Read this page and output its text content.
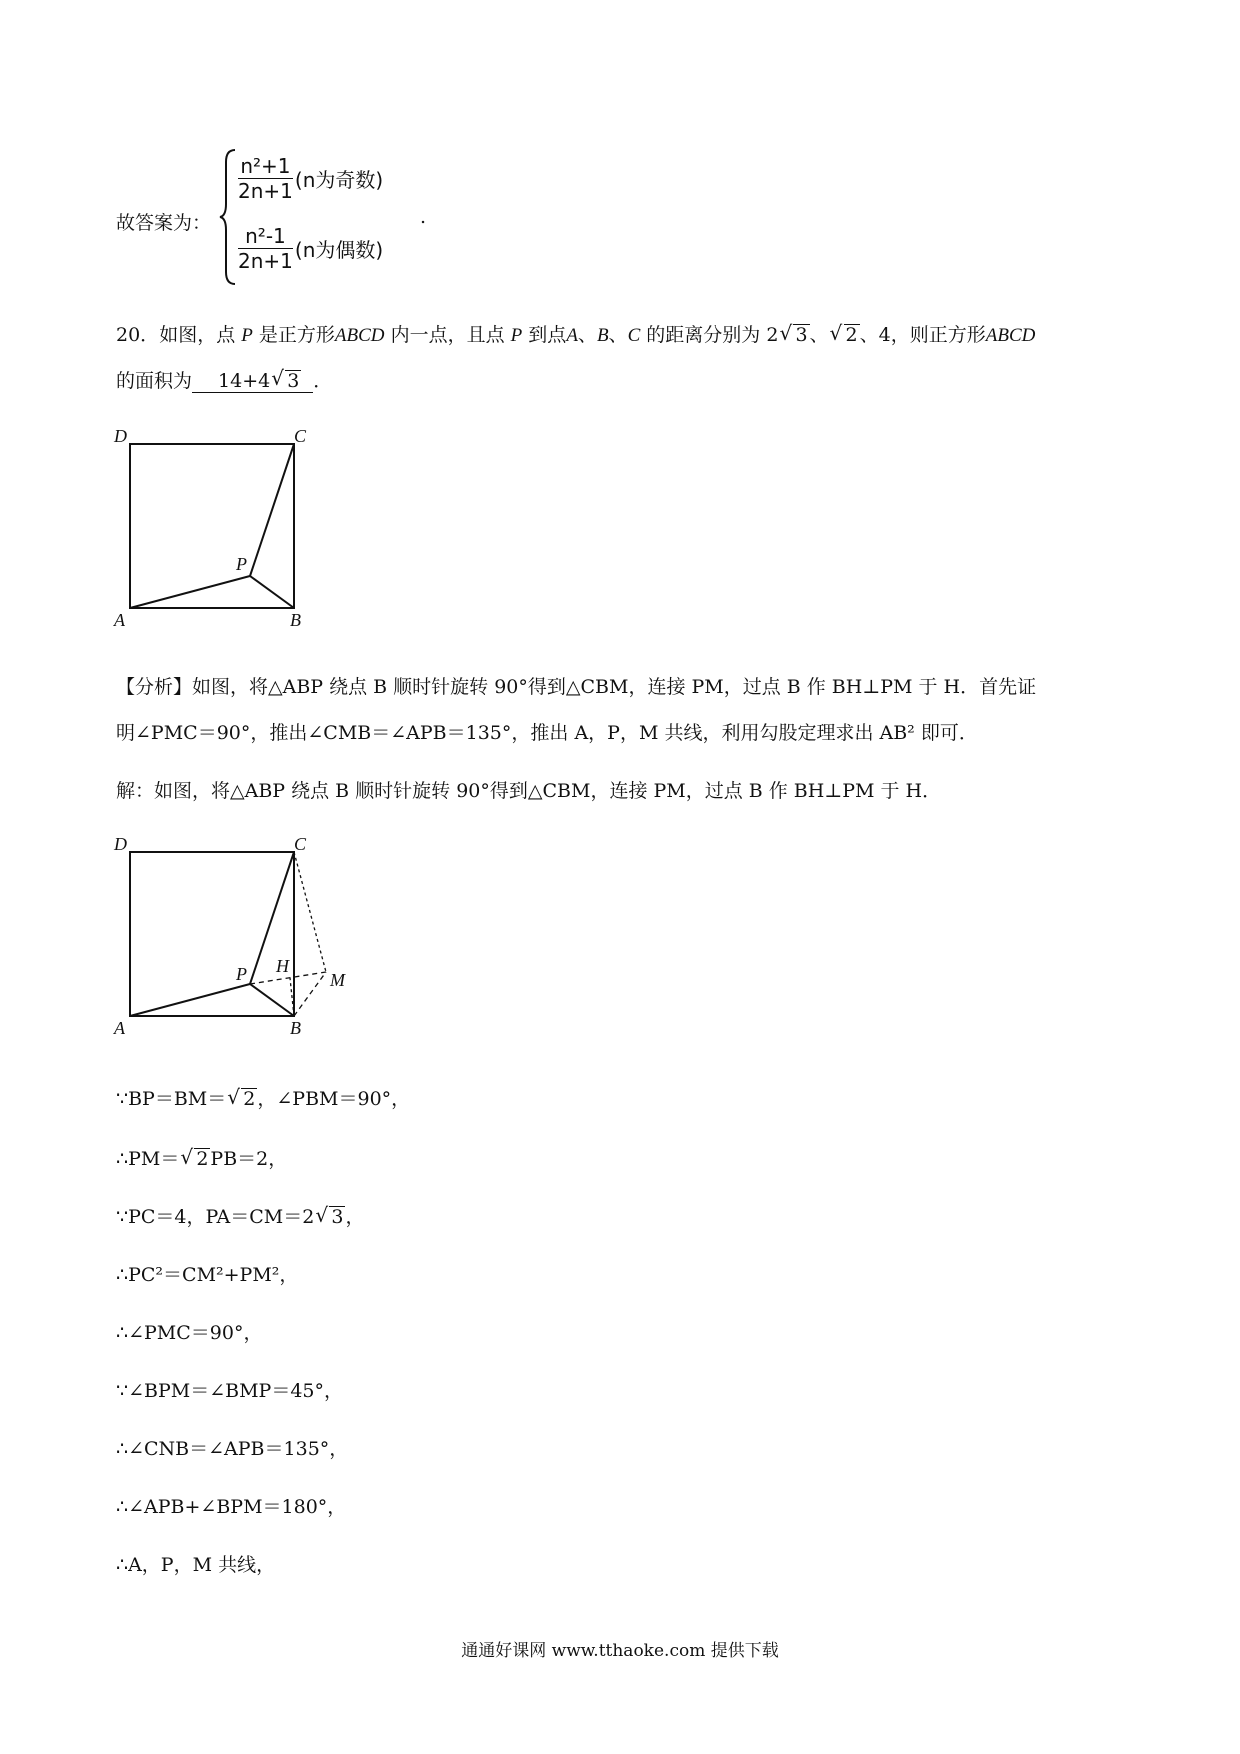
故答案为：
$\frac{\text{n²+1}}{2n+1} (n$为奇数)
$\frac{\text{n²-1}}{2n+1} (n$为偶数)
.
20．如图，点 P 是正方形ABCD 内一点，且点 P 到点A、B、C 的距离分别为 2 √ 3 、 √ 2 、4，则正方形ABCD
的面积为 14+4 √ 3 ．
D	C
A	B
P
【分析】如图，将△ABP 绕点 B 顺时针旋转 90°得到△CBM，连接 PM，过点 B 作 BH⊥PM 于 H．首先证
明∠PMC＝90°，推出∠CMB＝∠APB＝135°，推出 A，P，M 共线，利用勾股定理求出 AB² 即可．
解：如图，将△ABP 绕点 B 顺时针旋转 90°得到△CBM，连接 PM，过点 B 作 BH⊥PM 于 H．
D	C
A	B
P H
M
∵BP＝BM＝ √ 2 ，∠PBM＝90°，
∴PM＝ √ 2 PB＝2，
∵PC＝4，PA＝CM＝2 √ 3 ，
∴PC²＝CM²+PM²，
∴∠PMC＝90°，
∵∠BPM＝∠BMP＝45°，
∴∠CNB＝∠APB＝135°，
∴∠APB+∠BPM＝180°，
∴A，P，M 共线，
通通好课网 www.tthaoke.com 提供下载
